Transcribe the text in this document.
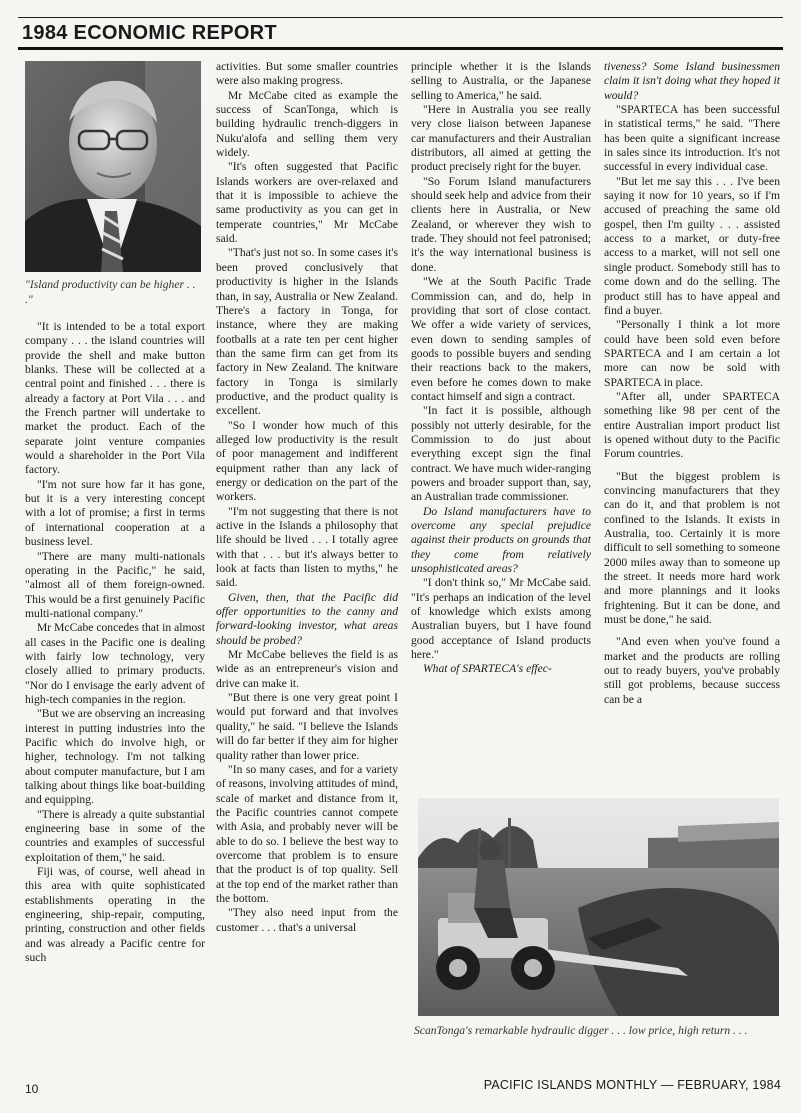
1984 ECONOMIC REPORT
"Island productivity can be higher . . ."

"It is intended to be a total export company . . . the island countries will provide the shell and make button blanks. These will be collected at a central point and finished . . . there is already a factory at Port Vila . . . and the French partner will undertake to market the product. Each of the separate joint venture companies would a shareholder in the Port Vila factory.

"I'm not sure how far it has gone, but it is a very interesting concept with a lot of promise; a first in terms of international cooperation at a business level.

"There are many multi-nationals operating in the Pacific," he said, "almost all of them foreign-owned. This would be a first genuinely Pacific multi-national company."

Mr McCabe concedes that in almost all cases in the Pacific one is dealing with fairly low technology, very closely allied to primary products. "Nor do I envisage the early advent of high-tech companies in the region.

"But we are observing an increasing interest in putting industries into the Pacific which do involve high, or higher, technology. I'm not talking about computer manufacture, but I am talking about things like boat-building and equipping.

"There is already a quite substantial engineering base in some of the countries and examples of successful exploitation of them," he said.

Fiji was, of course, well ahead in this area with quite sophisticated establishments operating in the engineering, ship-repair, computing, printing, construction and other fields and was already a Pacific centre for such

activities. But some smaller countries were also making progress.

Mr McCabe cited as example the success of ScanTonga, which is building hydraulic trench-diggers in Nuku'alofa and selling them very widely.

"It's often suggested that Pacific Islands workers are over-relaxed and that it is impossible to achieve the same productivity as you can get in temperate countries," Mr McCabe said.

"That's just not so. In some cases it's been proved conclusively that productivity is higher in the Islands than, in say, Australia or New Zealand. There's a factory in Tonga, for instance, where they are making footballs at a rate ten per cent higher than the same firm can get from its factory in New Zealand. The knitware factory in Tonga is similarly productive, and the product quality is excellent.

"So I wonder how much of this alleged low productivity is the result of poor management and indifferent equipment rather than any lack of energy or dedication on the part of the workers.

"I'm not suggesting that there is not active in the Islands a philosophy that life should be lived . . . I totally agree with that . . . but it's always better to look at facts than listen to myths," he said.

Given, then, that the Pacific did offer opportunities to the canny and forward-looking investor, what areas should be probed?

Mr McCabe believes the field is as wide as an entrepreneur's vision and drive can make it.

"But there is one very great point I would put forward and that involves quality," he said. "I believe the Islands will do far better if they aim for higher quality rather than lower price.

"In so many cases, and for a variety of reasons, involving attitudes of mind, scale of market and distance from it, the Pacific countries cannot compete with Asia, and probably never will be able to do so. I believe the best way to overcome that problem is to ensure that the product is of top quality. Sell at the top end of the market rather than the bottom.

"They also need input from the customer . . . that's a universal

principle whether it is the Islands selling to Australia, or the Japanese selling to America," he said.

"Here in Australia you see really very close liaison between Japanese car manufacturers and their Australian distributors, all aimed at getting the product precisely right for the buyer.

"So Forum Island manufacturers should seek help and advice from their clients here in Australia, or New Zealand, or wherever they wish to trade. They should not feel patronised; it's the way international business is done.

"We at the South Pacific Trade Commission can, and do, help in providing that sort of close contact. We offer a wide variety of services, even down to sending samples of goods to possible buyers and sending their reactions back to the makers, even before he comes down to make contact himself and sign a contract.

"In fact it is possible, although possibly not utterly desirable, for the Commission to do just about everything except sign the final contract. We have much wider-ranging powers and broader support than, say, an Australian trade commissioner.

Do Island manufacturers have to overcome any special prejudice against their products on grounds that they come from relatively unsophisticated areas?

"I don't think so," Mr McCabe said. "It's perhaps an indication of the level of knowledge which exists among Australian buyers, but I have found good acceptance of Island products here."

What of SPARTECA's effec-

tiveness? Some Island businessmen claim it isn't doing what they hoped it would?

"SPARTECA has been successful in statistical terms," he said. "There has been quite a significant increase in sales since its introduction. It's not successful in every individual case.

"But let me say this . . . I've been saying it now for 10 years, so if I'm accused of preaching the same old gospel, then I'm guilty . . . assisted access to a market, or duty-free access to a market, will not sell one single product. Somebody still has to come down and do the selling. The product still has to have appeal and find a buyer.

"Personally I think a lot more could have been sold even before SPARTECA and I am certain a lot more can now be sold with SPARTECA in place.

"After all, under SPARTECA something like 98 per cent of the entire Australian import product list is opened without duty to the Pacific Forum countries.

"But the biggest problem is convincing manufacturers that they can do it, and that problem is not confined to the Islands. It exists in Australia, too. Certainly it is more difficult to sell something to someone 2000 miles away than to someone up the street. It needs more hard work and more plannings and it looks frightening. But it can be done, and must be done," he said.

"And even when you've found a market and the products are rolling out to ready buyers, you've probably still got problems, because success can be a

ScanTonga's remarkable hydraulic digger . . . low price, high return . . .
10	PACIFIC ISLANDS MONTHLY — FEBRUARY, 1984
